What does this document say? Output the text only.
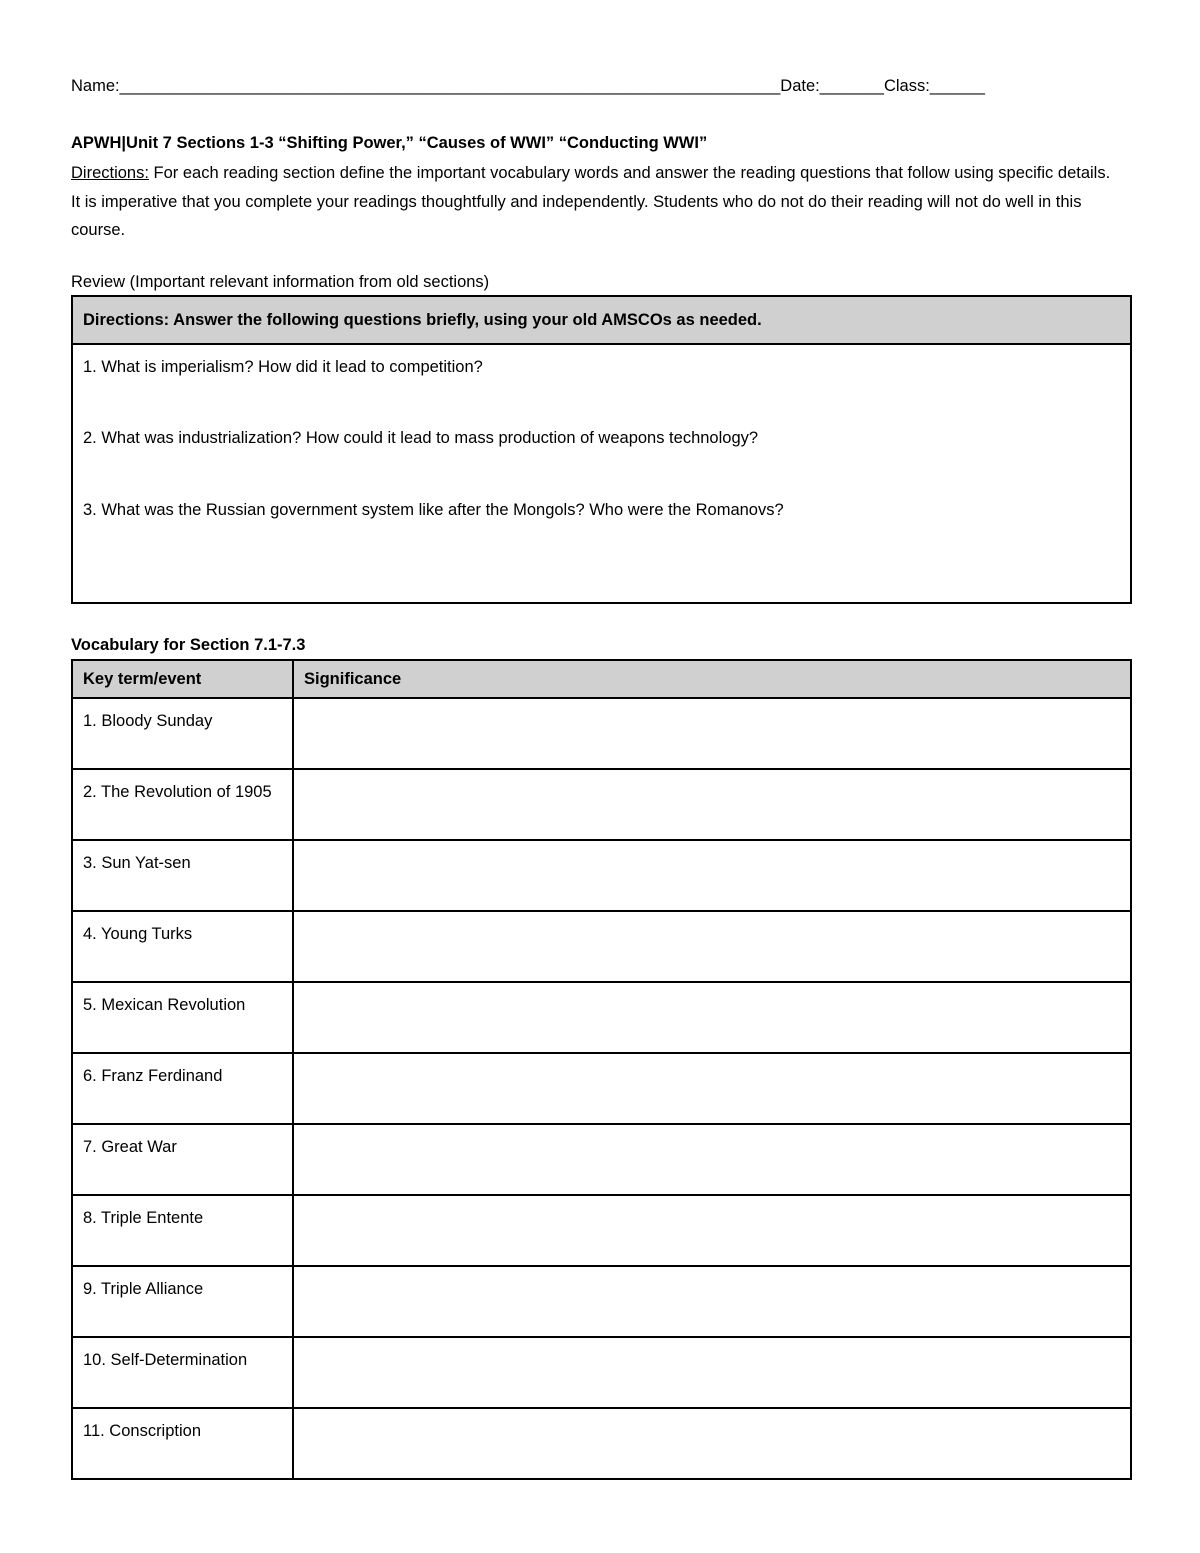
Name:________________________________________________________________________Date:_______Class:______
APWH|Unit 7 Sections 1-3 “Shifting Power,” “Causes of WWI” “Conducting WWI”
Directions: For each reading section define the important vocabulary words and answer the reading questions that follow using specific details. It is imperative that you complete your readings thoughtfully and independently. Students who do not do their reading will not do well in this course.
Review (Important relevant information from old sections)
Directions: Answer the following questions briefly, using your old AMSCOs as needed.
1. What is imperialism? How did it lead to competition?
2. What was industrialization? How could it lead to mass production of weapons technology?
3. What was the Russian government system like after the Mongols? Who were the Romanovs?
Vocabulary for Section 7.1-7.3
Key term/event	Significance
1. Bloody Sunday	
2. The Revolution of 1905	
3. Sun Yat-sen	
4. Young Turks	
5. Mexican Revolution	
6. Franz Ferdinand	
7. Great War	
8. Triple Entente	
9. Triple Alliance	
10. Self-Determination	
11. Conscription	
